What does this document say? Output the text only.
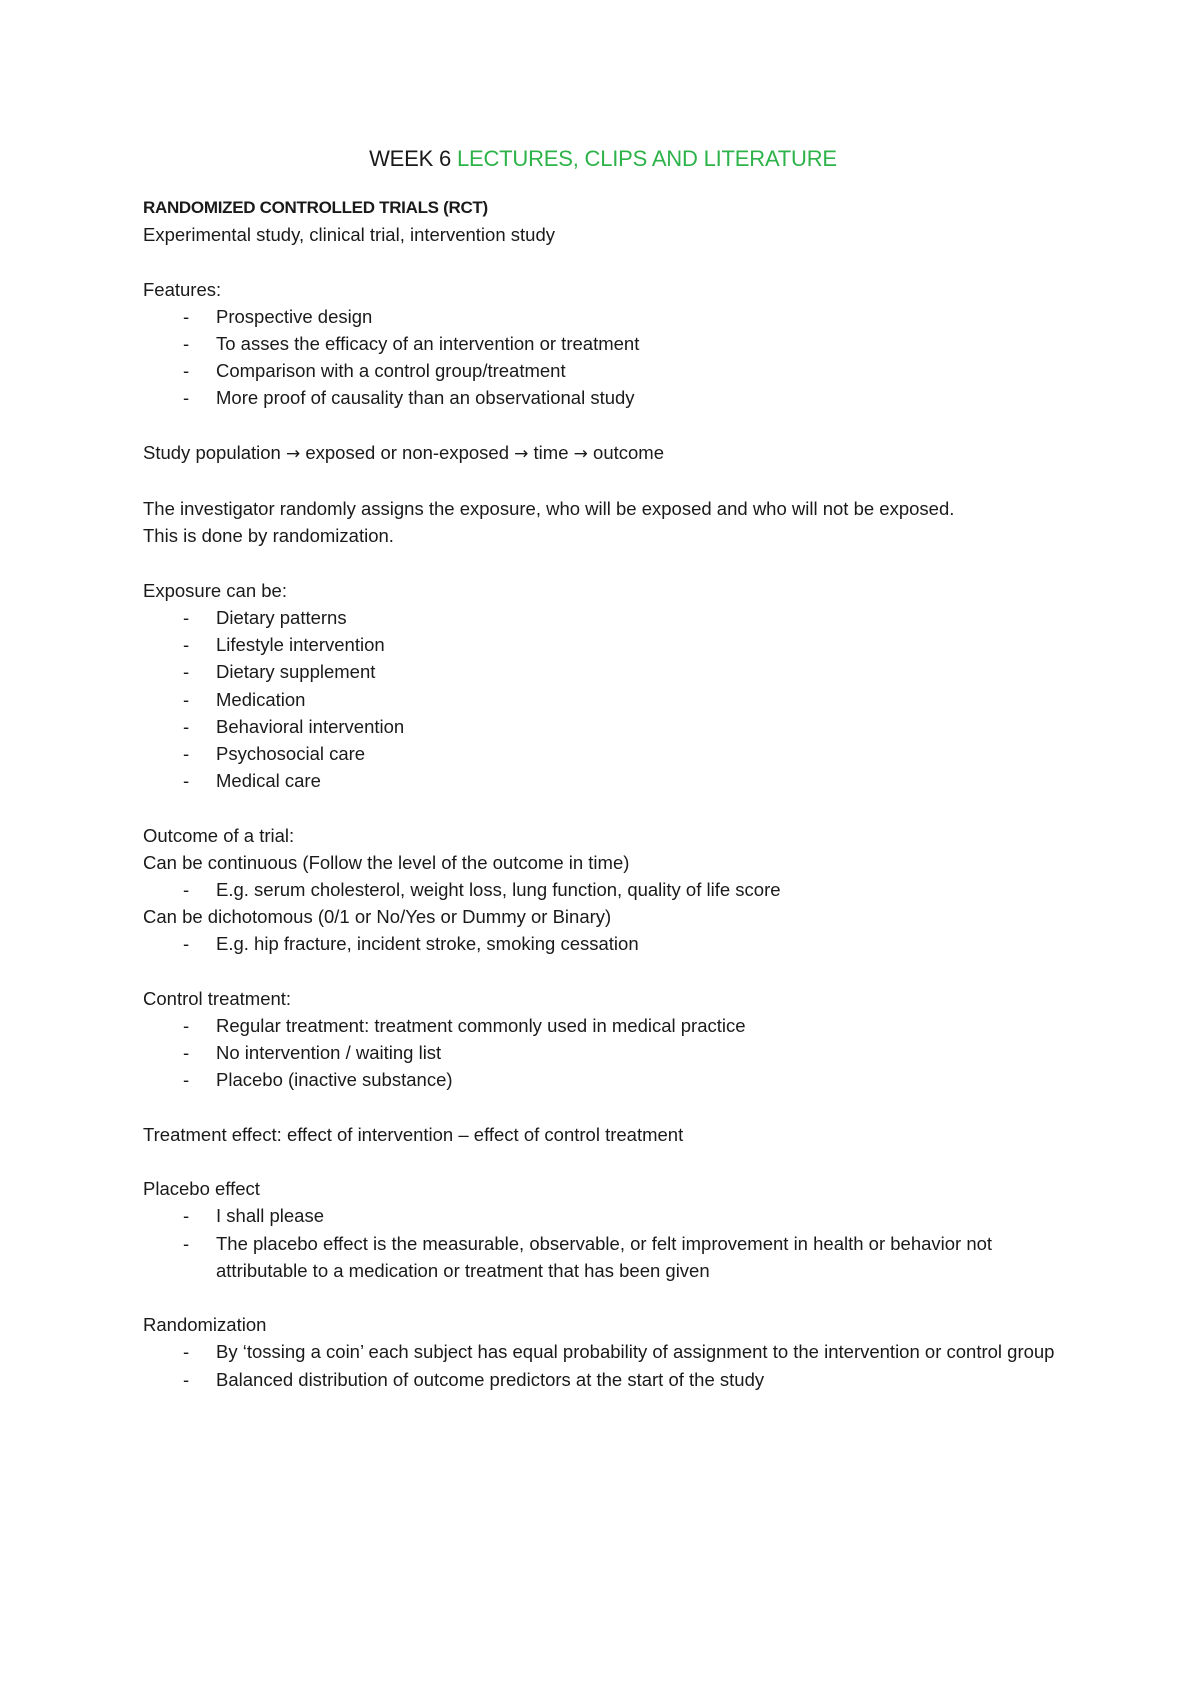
WEEK 6 LECTURES, CLIPS AND LITERATURE
RANDOMIZED CONTROLLED TRIALS (RCT)
Experimental study, clinical trial, intervention study
Features:
- Prospective design
- To asses the efficacy of an intervention or treatment
- Comparison with a control group/treatment
- More proof of causality than an observational study
Study population → exposed or non-exposed → time → outcome
The investigator randomly assigns the exposure, who will be exposed and who will not be exposed.
This is done by randomization.
Exposure can be:
- Dietary patterns
- Lifestyle intervention
- Dietary supplement
- Medication
- Behavioral intervention
- Psychosocial care
- Medical care
Outcome of a trial:
Can be continuous (Follow the level of the outcome in time)
- E.g. serum cholesterol, weight loss, lung function, quality of life score
Can be dichotomous (0/1 or No/Yes or Dummy or Binary)
- E.g. hip fracture, incident stroke, smoking cessation
Control treatment:
- Regular treatment: treatment commonly used in medical practice
- No intervention / waiting list
- Placebo (inactive substance)
Treatment effect: effect of intervention – effect of control treatment
Placebo effect
- I shall please
- The placebo effect is the measurable, observable, or felt improvement in health or behavior not attributable to a medication or treatment that has been given
Randomization
- By ‘tossing a coin’ each subject has equal probability of assignment to the intervention or control group
- Balanced distribution of outcome predictors at the start of the study
